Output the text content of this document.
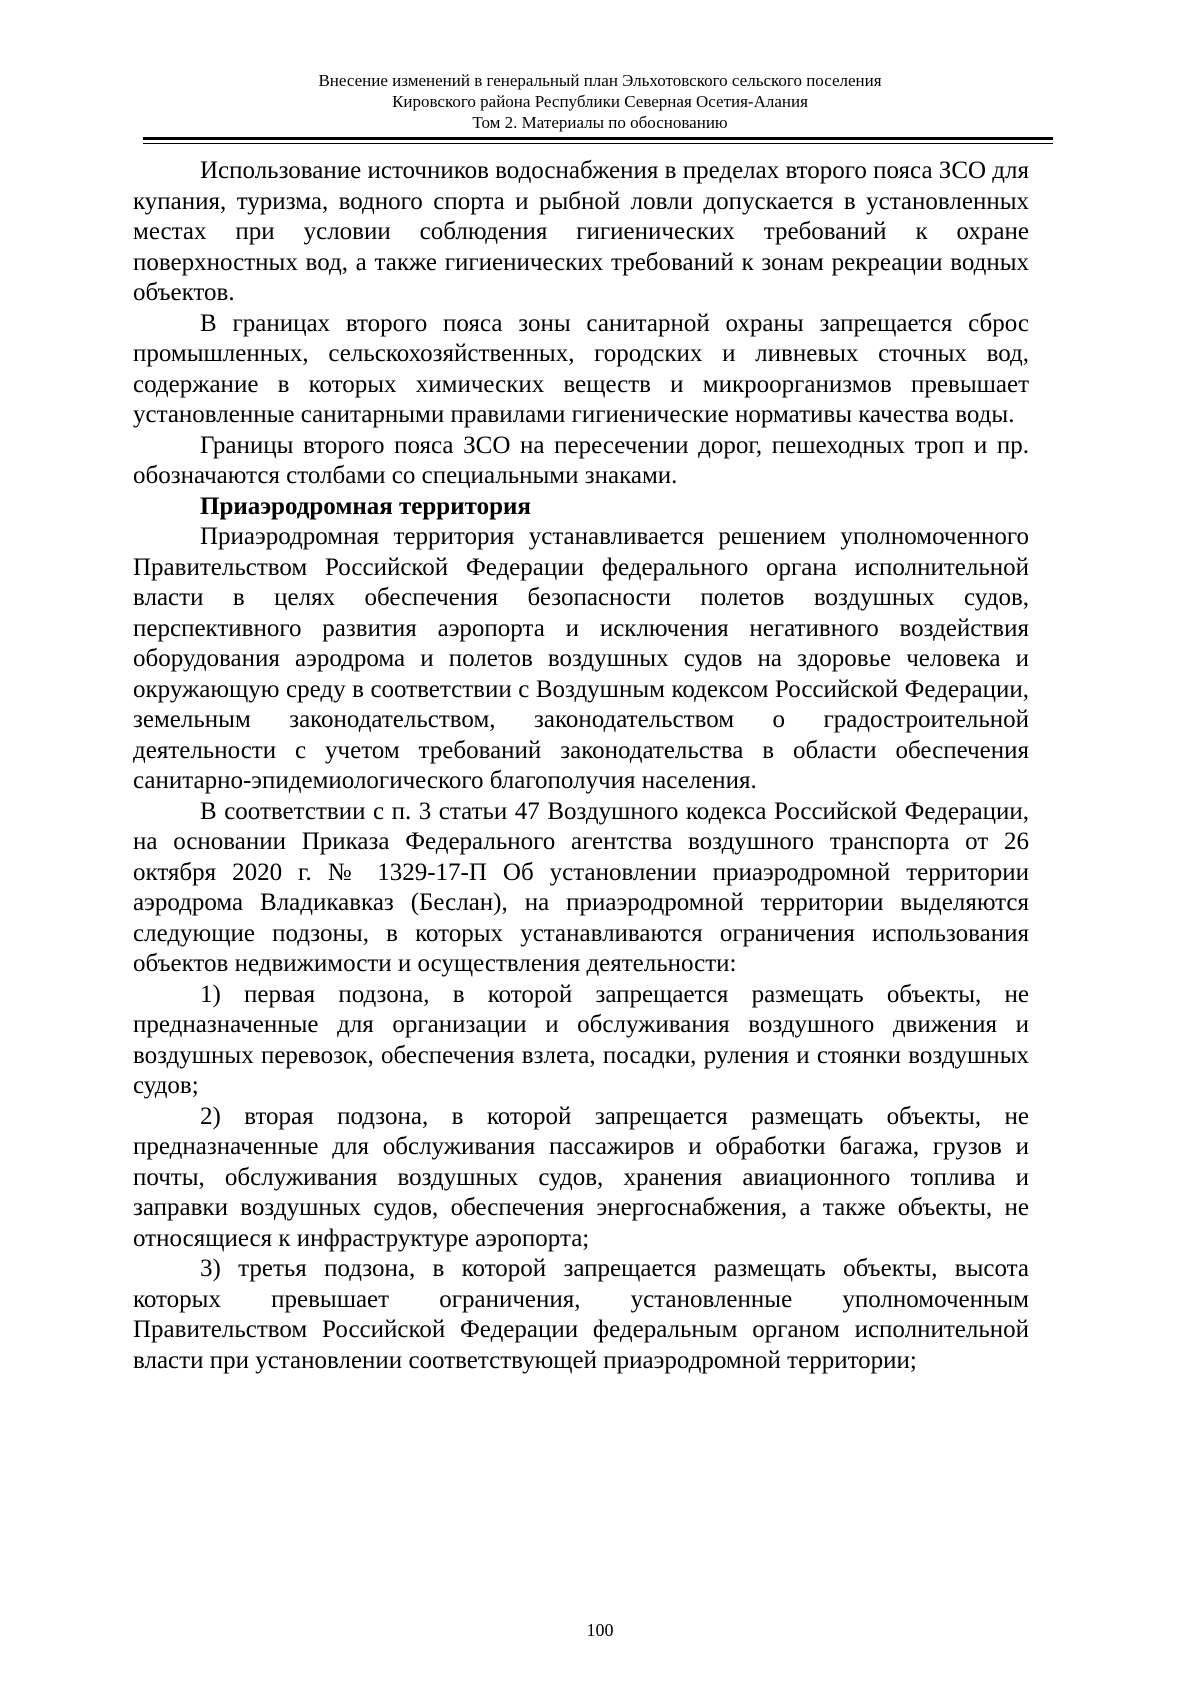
Внесение изменений в генеральный план Эльхотовского сельского поселения
Кировского района Республики Северная Осетия-Алания
Том 2. Материалы по обоснованию

Использование источников водоснабжения в пределах второго пояса ЗСО для купания, туризма, водного спорта и рыбной ловли допускается в установленных местах при условии соблюдения гигиенических требований к охране поверхностных вод, а также гигиенических требований к зонам рекреации водных объектов.

В границах второго пояса зоны санитарной охраны запрещается сброс промышленных, сельскохозяйственных, городских и ливневых сточных вод, содержание в которых химических веществ и микроорганизмов превышает установленные санитарными правилами гигиенические нормативы качества воды.

Границы второго пояса ЗСО на пересечении дорог, пешеходных троп и пр. обозначаются столбами со специальными знаками.

Приаэродромная территория

Приаэродромная территория устанавливается решением уполномоченного Правительством Российской Федерации федерального органа исполнительной власти в целях обеспечения безопасности полетов воздушных судов, перспективного развития аэропорта и исключения негативного воздействия оборудования аэродрома и полетов воздушных судов на здоровье человека и окружающую среду в соответствии с Воздушным кодексом Российской Федерации, земельным законодательством, законодательством о градостроительной деятельности с учетом требований законодательства в области обеспечения санитарно-эпидемиологического благополучия населения.

В соответствии с п. 3 статьи 47 Воздушного кодекса Российской Федерации, на основании Приказа Федерального агентства воздушного транспорта от 26 октября 2020 г. № 1329-17-П Об установлении приаэродромной территории аэродрома Владикавказ (Беслан), на приаэродромной территории выделяются следующие подзоны, в которых устанавливаются ограничения использования объектов недвижимости и осуществления деятельности:

1) первая подзона, в которой запрещается размещать объекты, не предназначенные для организации и обслуживания воздушного движения и воздушных перевозок, обеспечения взлета, посадки, руления и стоянки воздушных судов;

2) вторая подзона, в которой запрещается размещать объекты, не предназначенные для обслуживания пассажиров и обработки багажа, грузов и почты, обслуживания воздушных судов, хранения авиационного топлива и заправки воздушных судов, обеспечения энергоснабжения, а также объекты, не относящиеся к инфраструктуре аэропорта;

3) третья подзона, в которой запрещается размещать объекты, высота которых превышает ограничения, установленные уполномоченным Правительством Российской Федерации федеральным органом исполнительной власти при установлении соответствующей приаэродромной территории;

100
